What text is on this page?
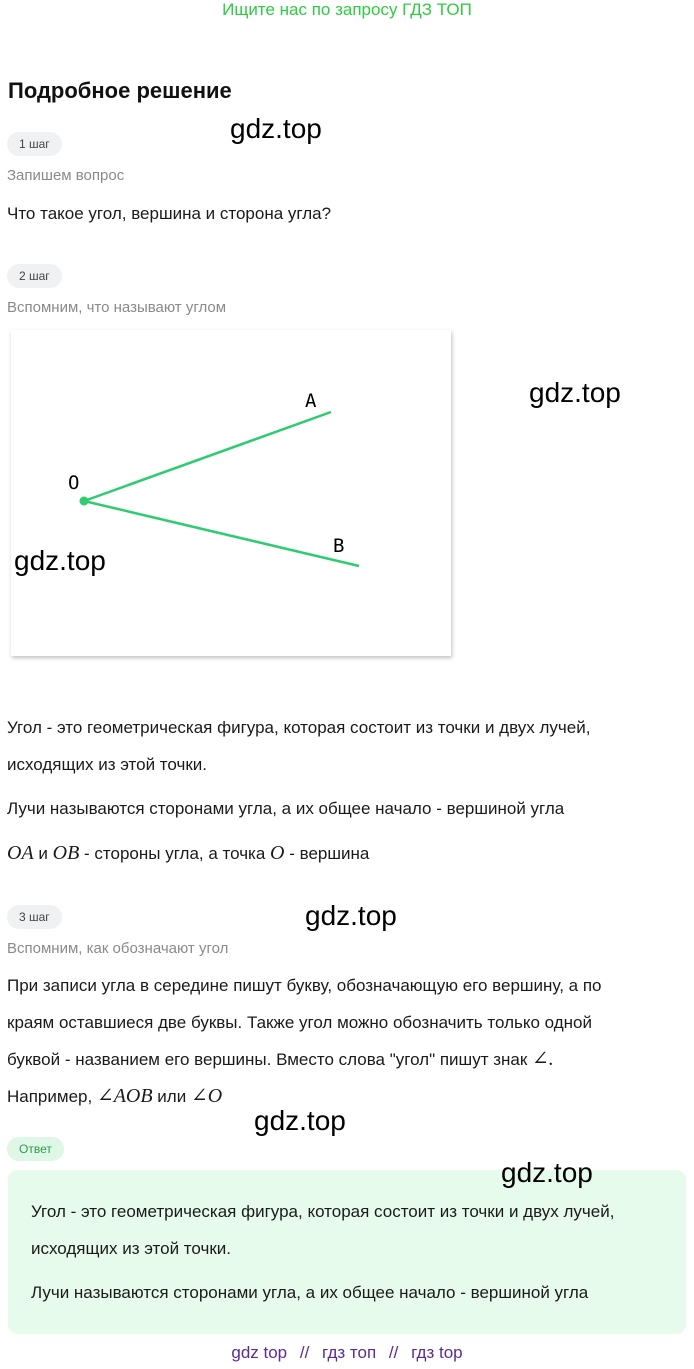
Ищите нас по запросу ГДЗ ТОП
Подробное решение
1 шаг	gdz.top
Запишем вопрос
Что такое угол, вершина и сторона угла?
2 шаг
Вспомним, что называют углом
O
A
B
gdz.top
gdz.top
Угол - это геометрическая фигура, которая состоит из точки и двух лучей,
исходящих из этой точки.
Лучи называются сторонами угла, а их общее начало - вершиной угла
OA и OB - стороны угла, а точка O - вершина
3 шаг	gdz.top
Вспомним, как обозначают угол
При записи угла в середине пишут букву, обозначающую его вершину, а по
краям оставшиеся две буквы. Также угол можно обозначить только одной
буквой - названием его вершины. Вместо слова "угол" пишут знак ∠.
Например, ∠AOB или ∠O
gdz.top
Ответ
gdz.top
Угол - это геометрическая фигура, которая состоит из точки и двух лучей,
исходящих из этой точки.
Лучи называются сторонами угла, а их общее начало - вершиной угла
gdz top // гдз топ // гдз top
